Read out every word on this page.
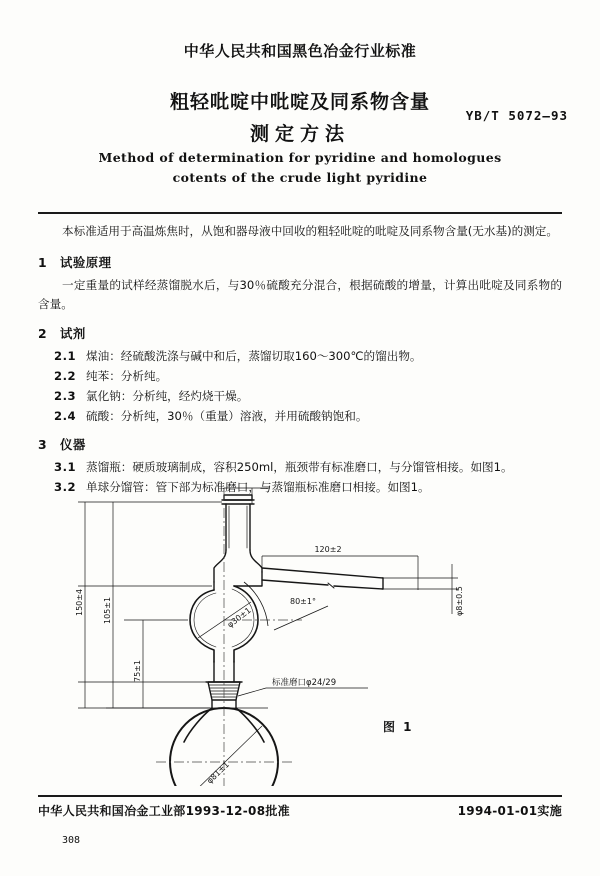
中华人民共和国黑色冶金行业标准
粗轻吡啶中吡啶及同系物含量
测定方法
YB/T 5072—93
Method of determination for pyridine and homologues
cotents of the crude light pyridine

本标准适用于高温炼焦时，从饱和器母液中回收的粗轻吡啶的吡啶及同系物含量(无水基)的测定。

1 试验原理

一定重量的试样经蒸馏脱水后，与30％硫酸充分混合，根据硫酸的增量，计算出吡啶及同系物的含量。

2 试剂
2.1 煤油：经硫酸洗涤与碱中和后，蒸馏切取160～300℃的馏出物。
2.2 纯苯：分析纯。
2.3 氯化钠：分析纯，经灼烧干燥。
2.4 硫酸：分析纯，30％（重量）溶液，并用硫酸钠饱和。
3 仪器
3.1 蒸馏瓶：硬质玻璃制成，容积250ml，瓶颈带有标准磨口，与分馏管相接。如图1。
3.2 单球分馏管：管下部为标准磨口，与蒸馏瓶标准磨口相接。如图1。
120±2
φ30±1
φ8±0.5
150±4 105±1
75±1
80±1°
标准磨口φ24/29
φ81±1
图 1
中华人民共和国冶金工业部1993-12-08批准	1994-01-01实施
308
